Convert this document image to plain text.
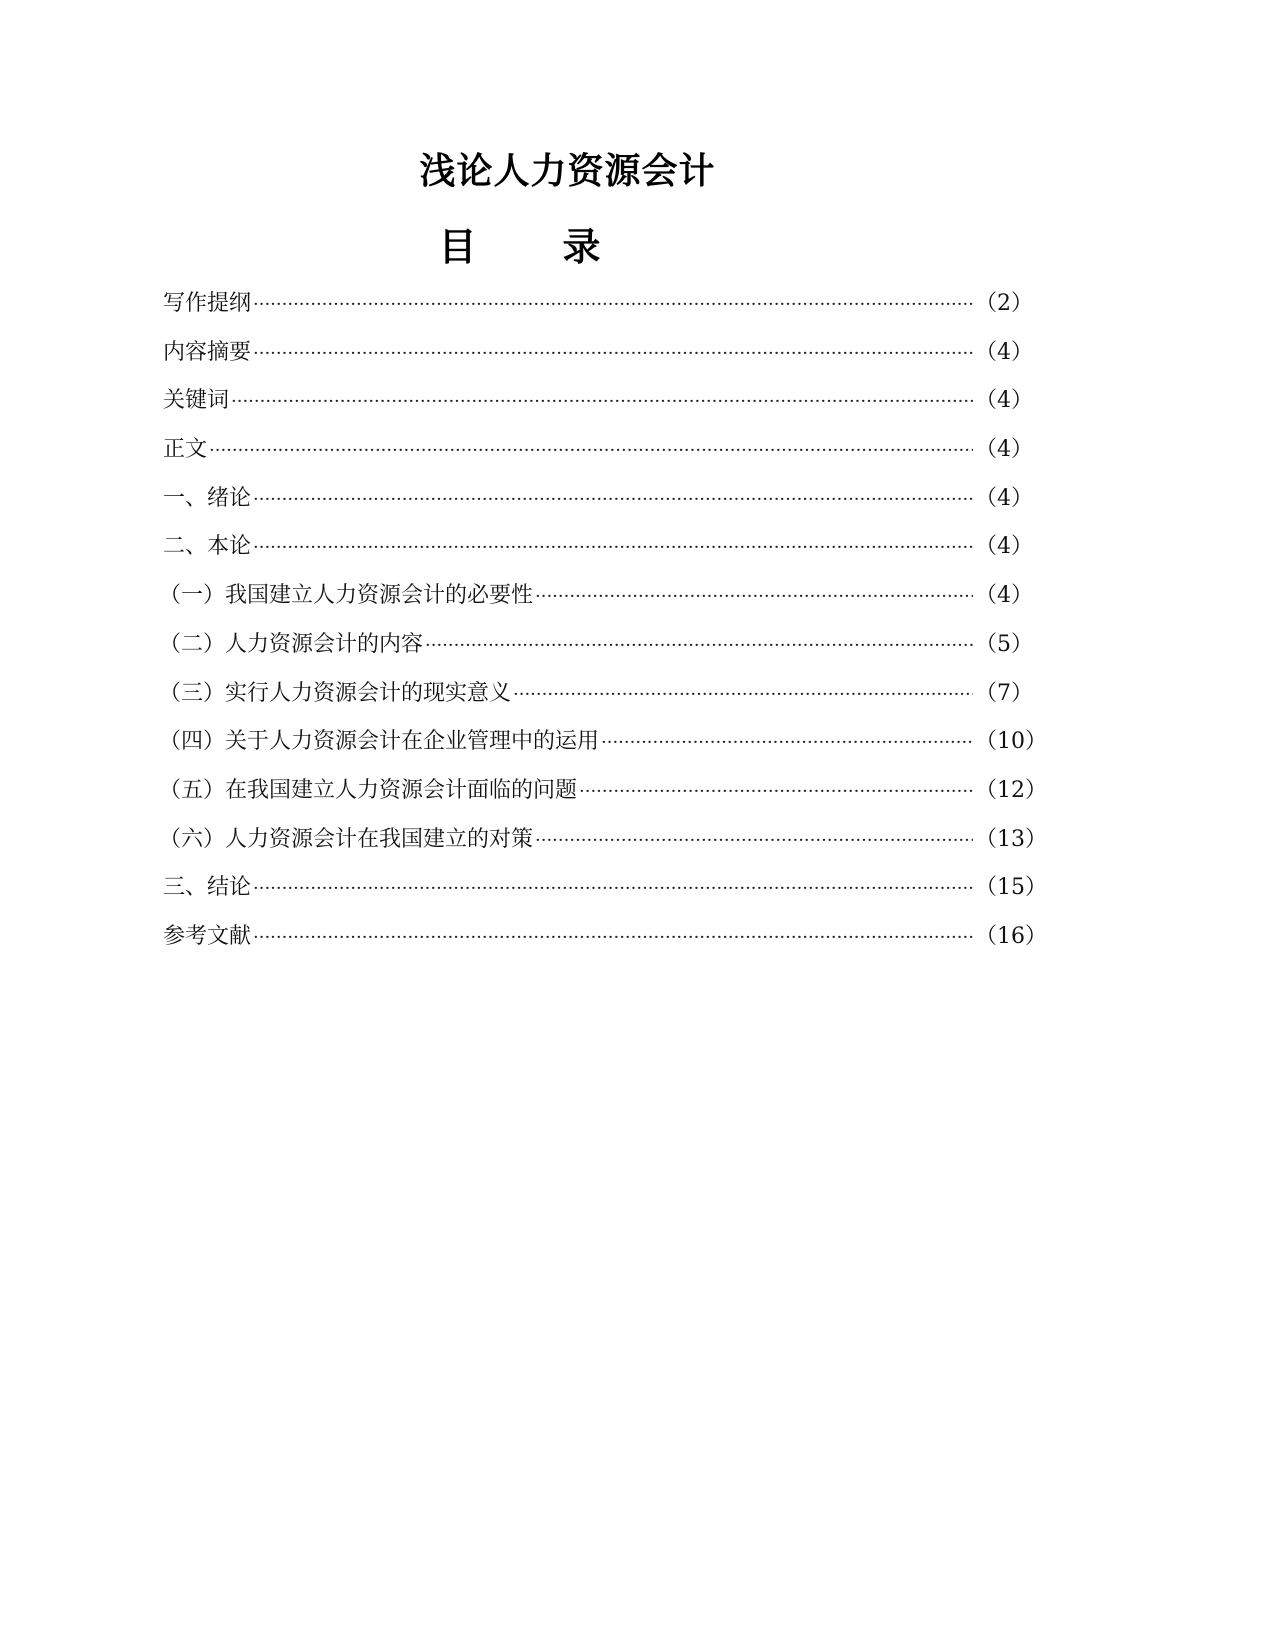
浅论人力资源会计
目录
写作提纲 ·····	（2）
内容摘要 ·····	（4）
关键词 ·····	（4）
正文 ·····	（4）
一、绪论 ·····	（4）
二、本论 ·····	（4）
（一）我国建立人力资源会计的必要性 ·····	（4）
（二）人力资源会计的内容 ·····	（5）
（三）实行人力资源会计的现实意义 ·····	（7）
（四）关于人力资源会计在企业管理中的运用 ·····	（10）
（五）在我国建立人力资源会计面临的问题 ·····	（12）
（六）人力资源会计在我国建立的对策 ·····	（13）
三、结论 ·····	（15）
参考文献 ·····	（16）
